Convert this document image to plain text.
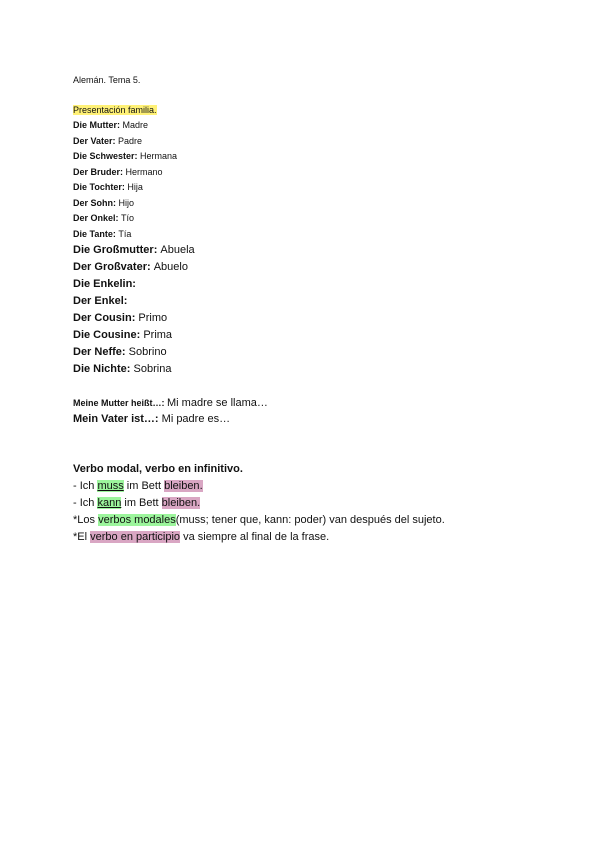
Alemán. Tema 5.
Presentación familia.
Die Mutter: Madre
Der Vater: Padre
Die Schwester: Hermana
Der Bruder: Hermano
Die Tochter: Hija
Der Sohn: Hijo
Der Onkel: Tío
Die Tante: Tía
Die Großmutter: Abuela
Der Großvater: Abuelo
Die Enkelin:
Der Enkel:
Der Cousin: Primo
Die Cousine: Prima
Der Neffe: Sobrino
Die Nichte: Sobrina
Meine Mutter heißt…: Mi madre se llama…
Mein Vater ist…: Mi padre es…
Verbo modal, verbo en infinitivo.
- Ich muss im Bett bleiben.
- Ich kann im Bett bleiben.
*Los verbos modales(muss; tener que, kann: poder) van después del sujeto.
*El verbo en participio va siempre al final de la frase.
